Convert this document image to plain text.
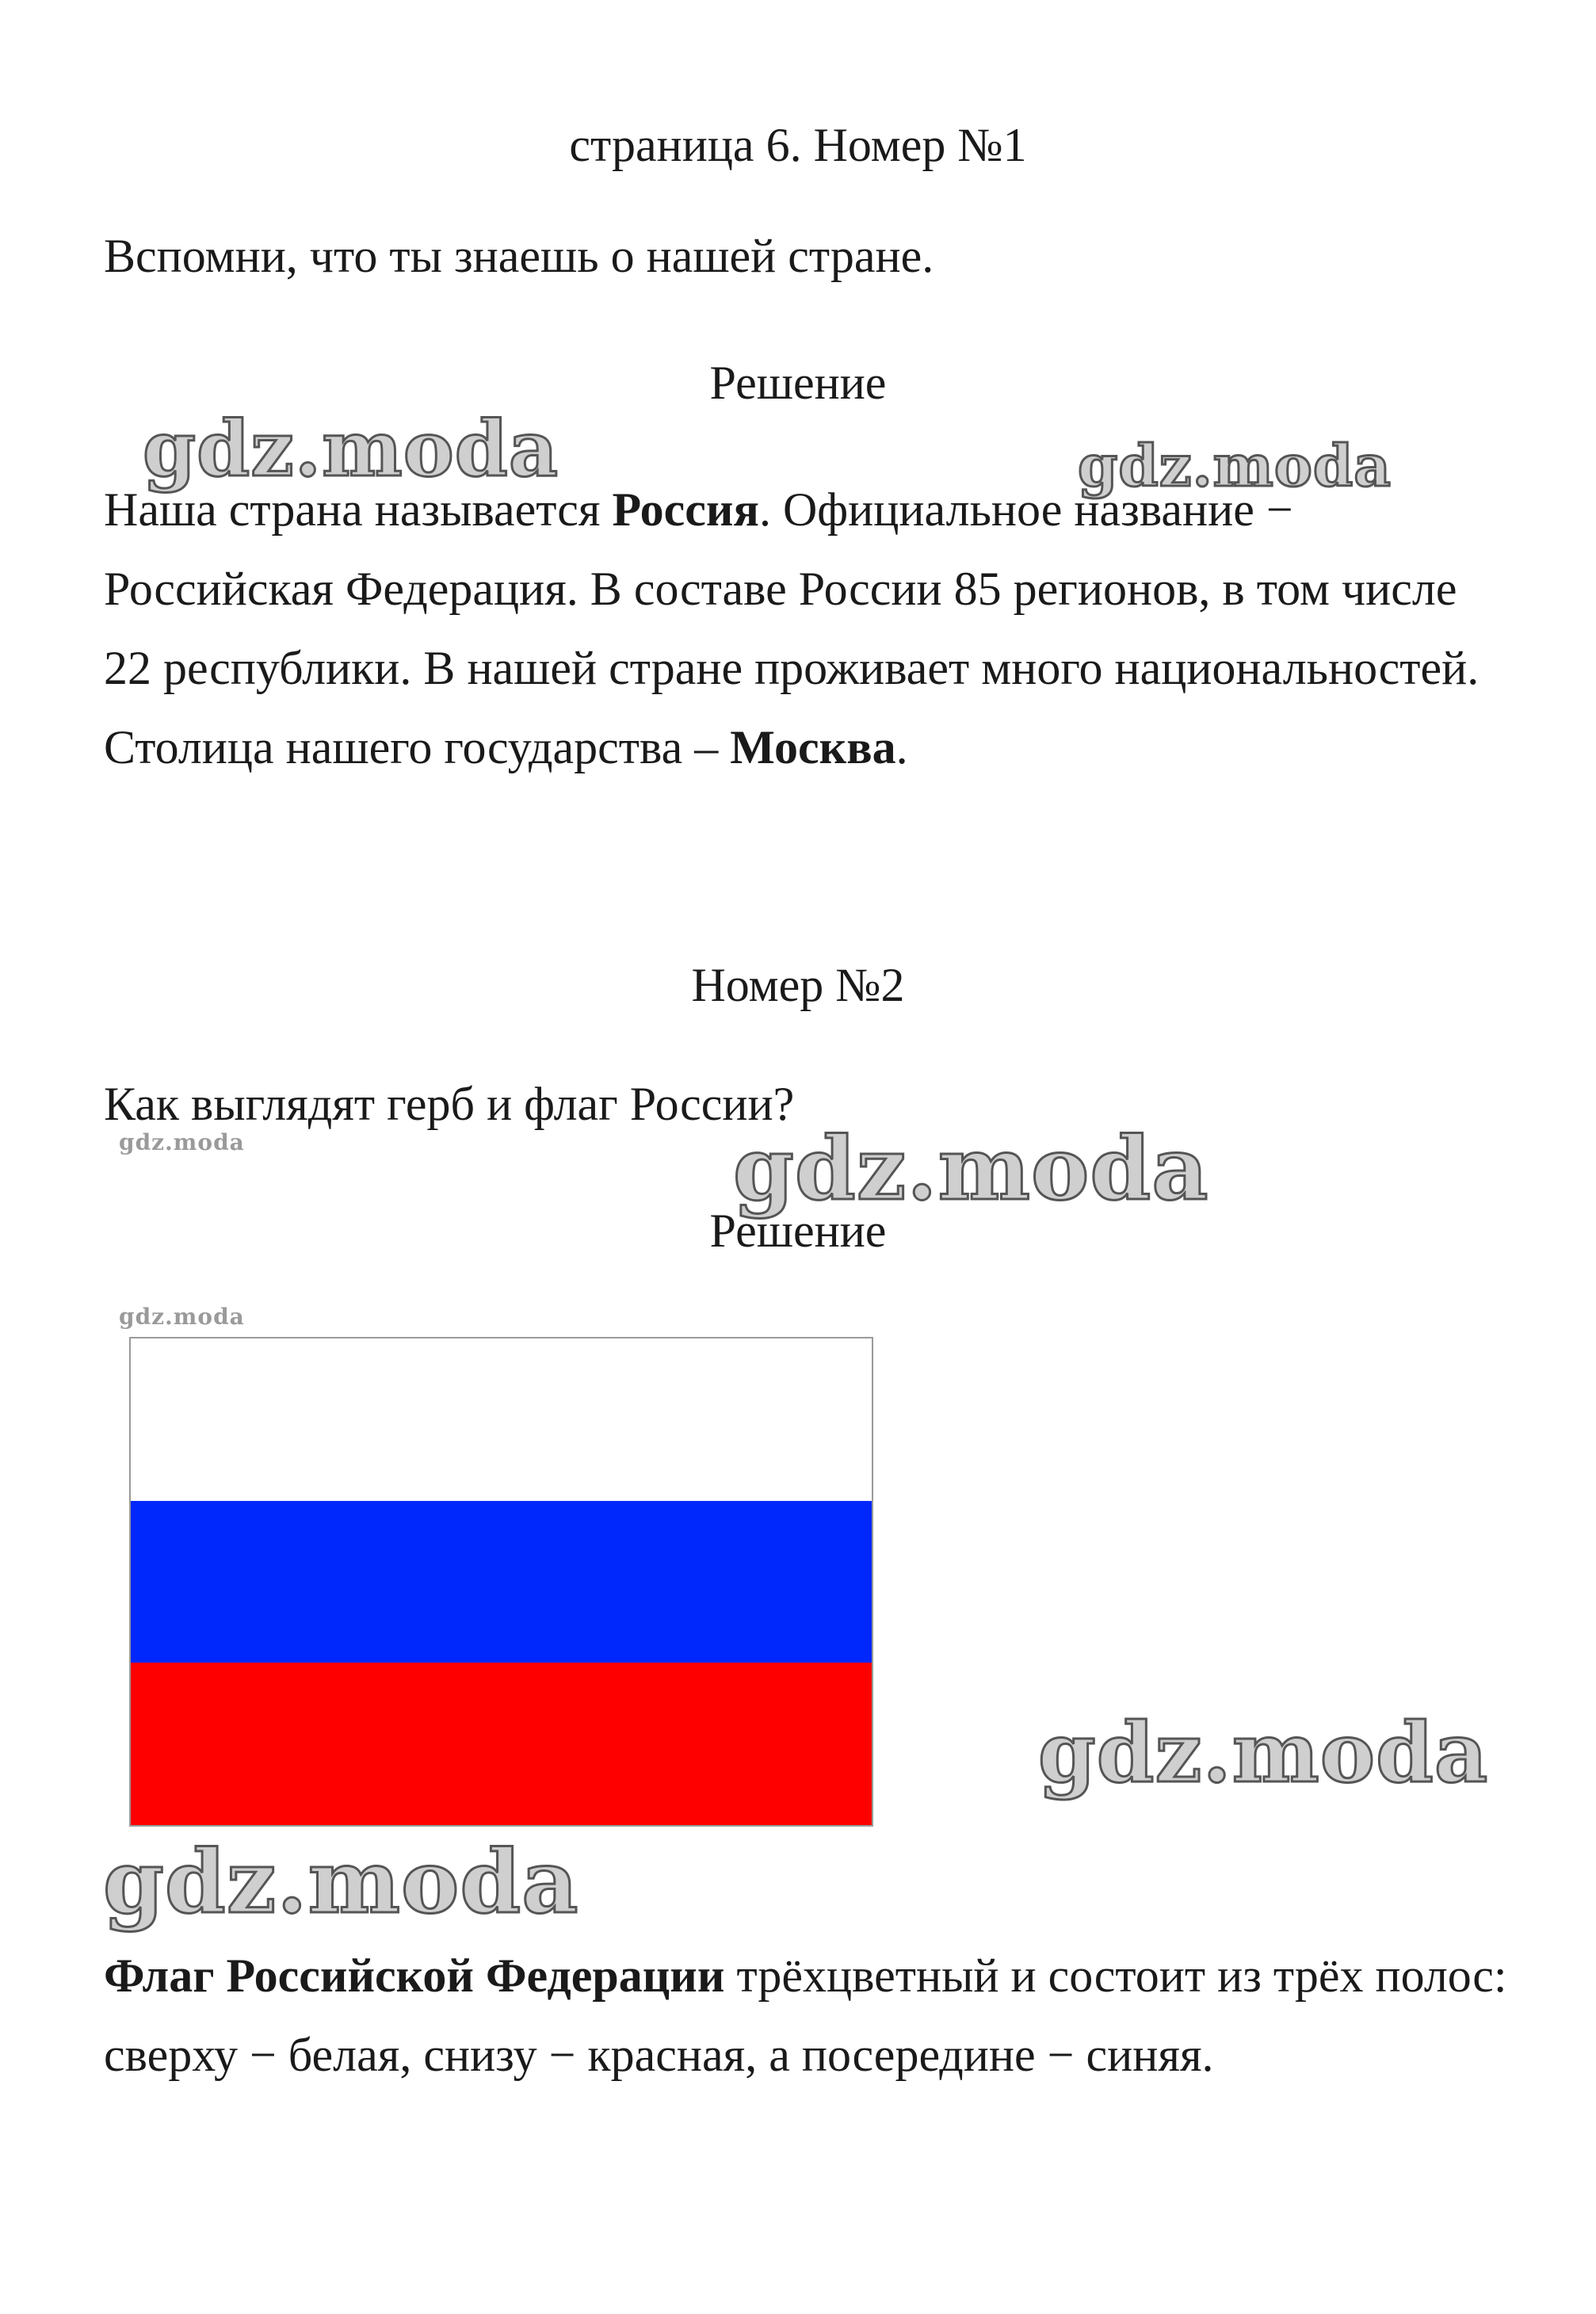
страница 6. Номер №1
Вспомни, что ты знаешь о нашей стране.
Решение
Наша страна называется Россия. Официальное название − Российская Федерация. В составе России 85 регионов, в том числе 22 республики. В нашей стране проживает много национальностей. Столица нашего государства – Москва.
Номер №2
Как выглядят герб и флаг России?
Решение
Флаг Российской Федерации трёхцветный и состоит из трёх полос: сверху − белая, снизу − красная, а посередине − синяя.
gdz.moda	gdz.moda
gdz.moda	gdz.moda
gdz.moda
gdz.moda
gdz.moda
